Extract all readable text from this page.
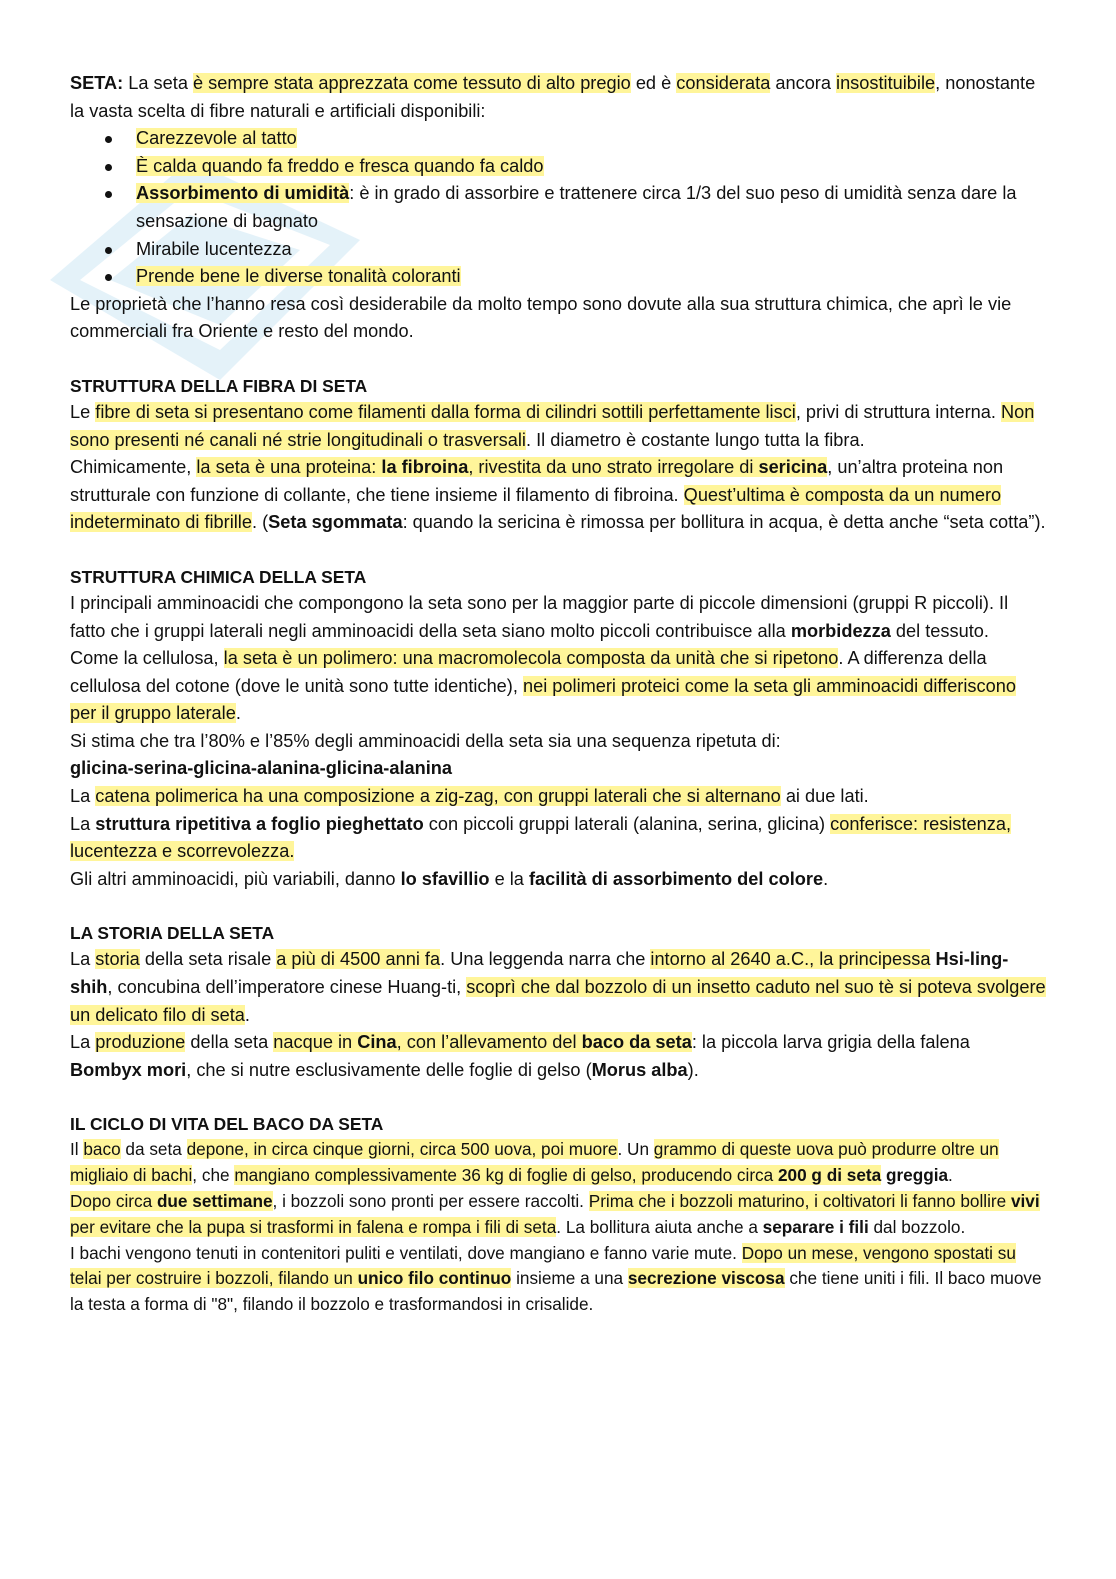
SETA: La seta è sempre stata apprezzata come tessuto di alto pregio ed è considerata ancora insostituibile, nonostante la vasta scelta di fibre naturali e artificiali disponibili:

Carezzevole al tatto
È calda quando fa freddo e fresca quando fa caldo
Assorbimento di umidità: è in grado di assorbire e trattenere circa 1/3 del suo peso di umidità senza dare la sensazione di bagnato
Mirabile lucentezza
Prende bene le diverse tonalità coloranti

Le proprietà che l’hanno resa così desiderabile da molto tempo sono dovute alla sua struttura chimica, che aprì le vie commerciali fra Oriente e resto del mondo.

STRUTTURA DELLA FIBRA DI SETA

Le fibre di seta si presentano come filamenti dalla forma di cilindri sottili perfettamente lisci, privi di struttura interna. Non sono presenti né canali né strie longitudinali o trasversali. Il diametro è costante lungo tutta la fibra.

Chimicamente, la seta è una proteina: la fibroina, rivestita da uno strato irregolare di sericina, un’altra proteina non strutturale con funzione di collante, che tiene insieme il filamento di fibroina. Quest’ultima è composta da un numero indeterminato di fibrille. (Seta sgommata: quando la sericina è rimossa per bollitura in acqua, è detta anche “seta cotta”).

STRUTTURA CHIMICA DELLA SETA

I principali amminoacidi che compongono la seta sono per la maggior parte di piccole dimensioni (gruppi R piccoli). Il fatto che i gruppi laterali negli amminoacidi della seta siano molto piccoli contribuisce alla morbidezza del tessuto.

Come la cellulosa, la seta è un polimero: una macromolecola composta da unità che si ripetono. A differenza della cellulosa del cotone (dove le unità sono tutte identiche), nei polimeri proteici come la seta gli amminoacidi differiscono per il gruppo laterale.

Si stima che tra l’80% e l’85% degli amminoacidi della seta sia una sequenza ripetuta di:

glicina-serina-glicina-alanina-glicina-alanina

La catena polimerica ha una composizione a zig-zag, con gruppi laterali che si alternano ai due lati.

La struttura ripetitiva a foglio pieghettato con piccoli gruppi laterali (alanina, serina, glicina) conferisce: resistenza, lucentezza e scorrevolezza.

Gli altri amminoacidi, più variabili, danno lo sfavillio e la facilità di assorbimento del colore.

LA STORIA DELLA SETA

La storia della seta risale a più di 4500 anni fa. Una leggenda narra che intorno al 2640 a.C., la principessa Hsi-ling-shih, concubina dell’imperatore cinese Huang-ti, scoprì che dal bozzolo di un insetto caduto nel suo tè si poteva svolgere un delicato filo di seta.

La produzione della seta nacque in Cina, con l’allevamento del baco da seta: la piccola larva grigia della falena Bombyx mori, che si nutre esclusivamente delle foglie di gelso (Morus alba).

IL CICLO DI VITA DEL BACO DA SETA

Il baco da seta depone, in circa cinque giorni, circa 500 uova, poi muore. Un grammo di queste uova può produrre oltre un migliaio di bachi, che mangiano complessivamente 36 kg di foglie di gelso, producendo circa 200 g di seta greggia.

Dopo circa due settimane, i bozzoli sono pronti per essere raccolti. Prima che i bozzoli maturino, i coltivatori li fanno bollire vivi per evitare che la pupa si trasformi in falena e rompa i fili di seta. La bollitura aiuta anche a separare i fili dal bozzolo.

I bachi vengono tenuti in contenitori puliti e ventilati, dove mangiano e fanno varie mute. Dopo un mese, vengono spostati su telai per costruire i bozzoli, filando un unico filo continuo insieme a una secrezione viscosa che tiene uniti i fili. Il baco muove la testa a forma di "8", filando il bozzolo e trasformandosi in crisalide.
